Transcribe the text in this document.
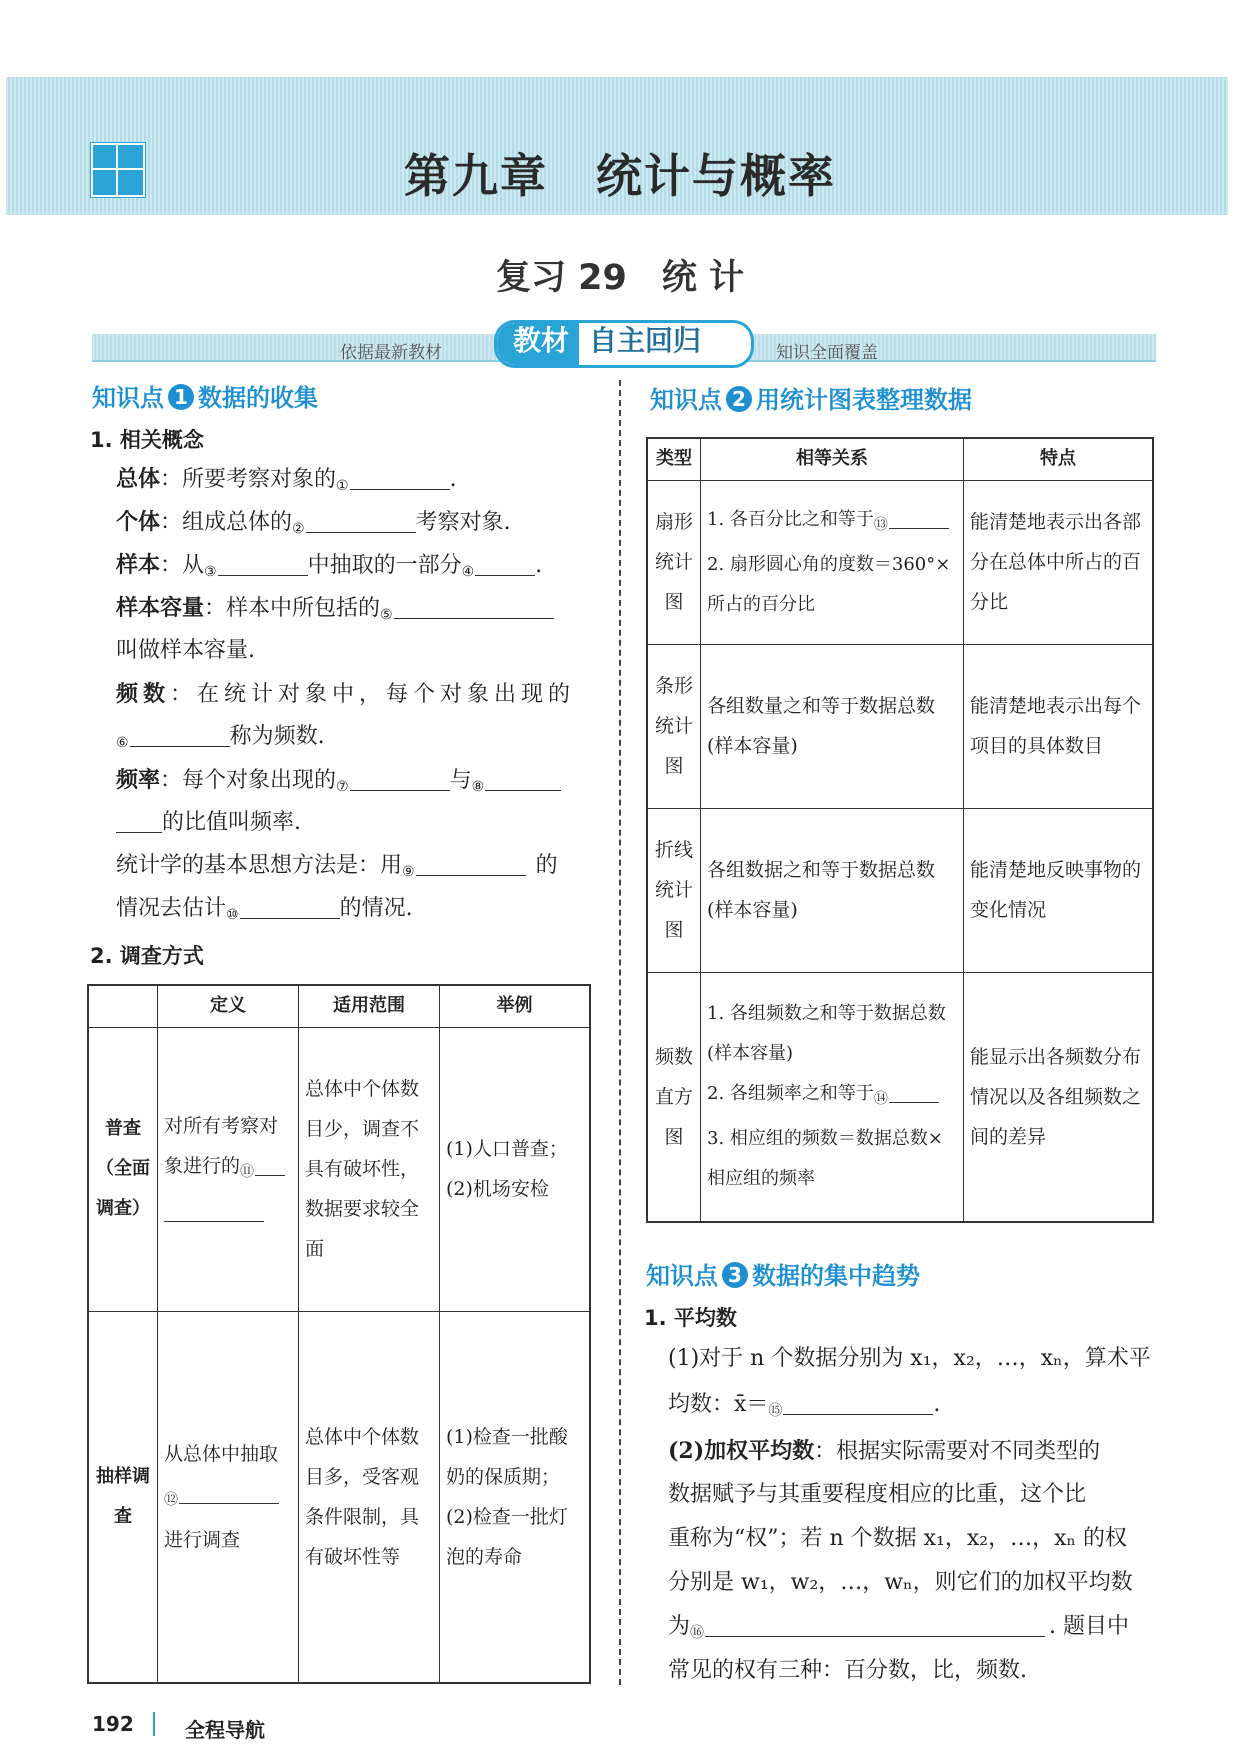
第九章　统计与概率
复习 29　统 计
依据最新教材	教材 自主回归	知识全面覆盖
知识点 1 数据的收集
1. 相关概念
总体：所要考察对象的①	.
个体：组成总体的②	考察对象.
样本：从③	中抽取的一部分④	.
样本容量：样本中所包括的⑤
叫做样本容量.
频数：在统计对象中，每个对象出现的
⑥	称为频数.
频率：每个对象出现的⑦	与⑧
的比值叫频率.
统计学的基本思想方法是：用⑨	的
情况去估计⑩	的情况.
2. 调查方式
	定义	适用范围	举例
普查（全面调查）	对所有考察对象进行的$_⑪$	总体中个体数目少，调查不具有破坏性，数据要求较全面	(1)人口普查；
(2)机场安检
抽样调查	从总体中抽取
$_⑫$
进行调查	总体中个体数目多，受客观条件限制，具有破坏性等	(1)检查一批酸奶的保质期；
(2)检查一批灯泡的寿命
知识点 2 用统计图表整理数据
类型	相等关系	特点
扇形统计图	1. 各百分比之和等于$_⑬$
2. 扇形圆心角的度数＝360°×所占的百分比	能清楚地表示出各部分在总体中所占的百分比
条形统计图	各组数量之和等于数据总数(样本容量)	能清楚地表示出每个项目的具体数目
折线统计图	各组数据之和等于数据总数(样本容量)	能清楚地反映事物的变化情况
频数直方图	1. 各组频数之和等于数据总数(样本容量)
2. 各组频率之和等于$_⑭$
3. 相应组的频数＝数据总数×相应组的频率	能显示出各频数分布情况以及各组频数之间的差异
知识点 3 数据的集中趋势
1. 平均数
(1)对于 n 个数据分别为 x₁，x₂，…，xₙ，算术平
均数：x̄＝⑮	.
(2)加权平均数：根据实际需要对不同类型的
数据赋予与其重要程度相应的比重，这个比
重称为“权”；若 n 个数据 x₁，x₂，…，xₙ 的权
分别是 w₁，w₂，…，wₙ，则它们的加权平均数
为⑯	. 题目中
常见的权有三种：百分数，比，频数.
192	全程导航
